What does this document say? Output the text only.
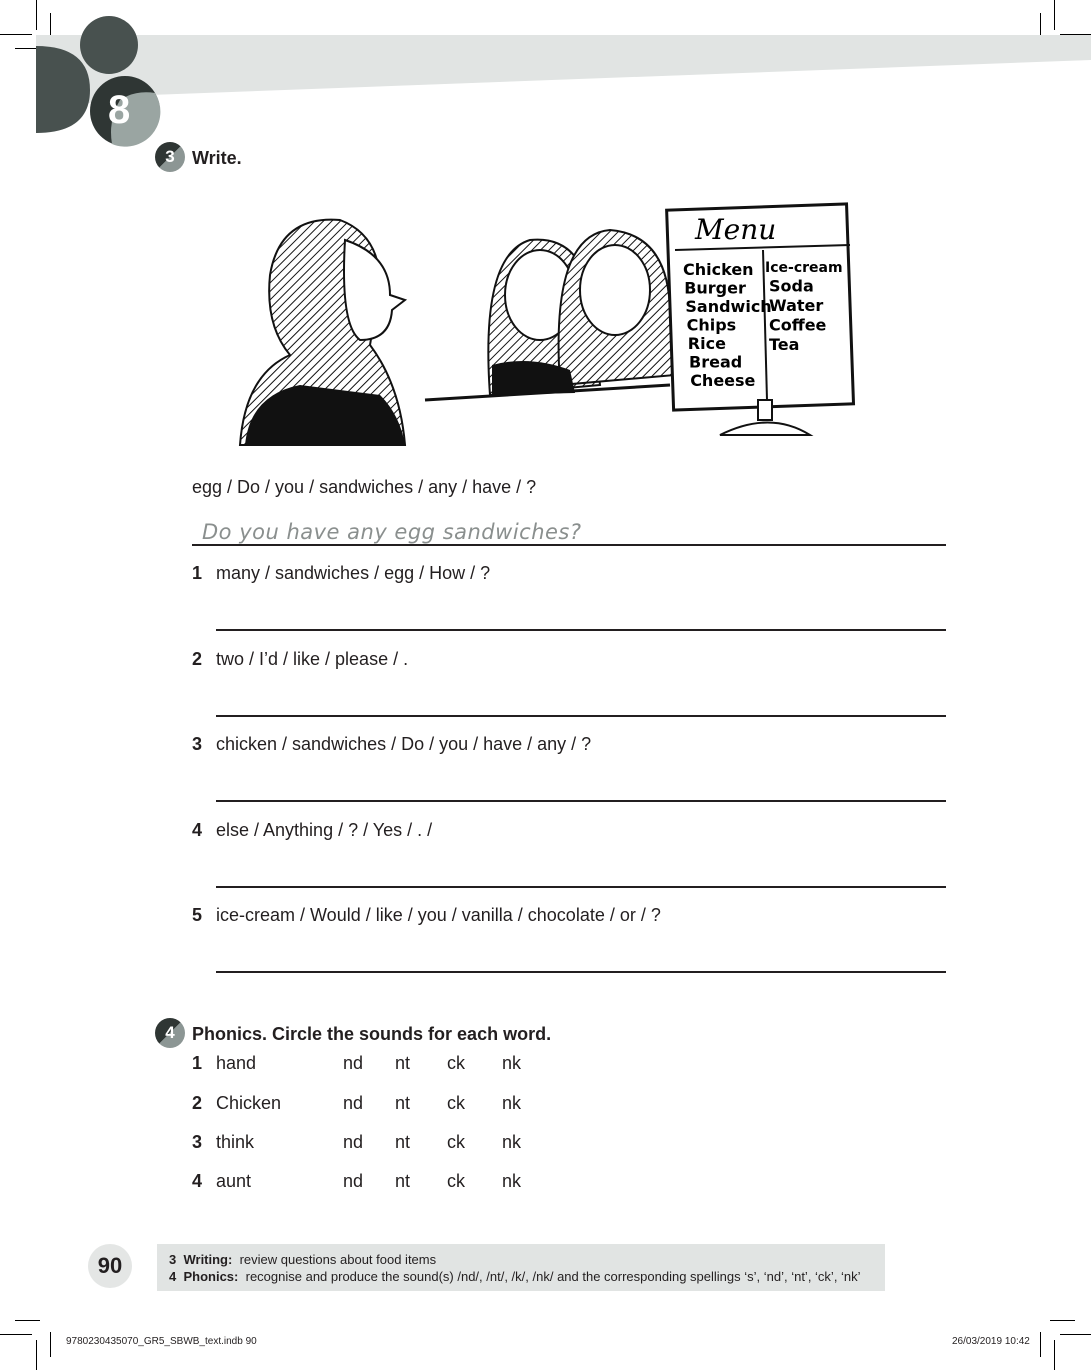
8
3 Write.
Menu
Chicken
Burger
Sandwich
Chips
Rice
Bread
Cheese
Ice-cream
Soda
Water
Coffee
Tea
egg / Do / you / sandwiches / any / have / ?
Do you have any egg sandwiches?
1 many / sandwiches / egg / How / ?
2 two / I’d / like / please / .
3 chicken / sandwiches / Do / you / have / any / ?
4 else / Anything / ? / Yes / . /
5 ice-cream / Would / like / you / vanilla / chocolate / or / ?
4 Phonics. Circle the sounds for each word.
1 hand	nd nt ck nk
2 Chicken	nd nt ck nk
3 think	nd nt ck nk
4 aunt	nd nt ck nk
90	3 Writing: review questions about food items
4 Phonics: recognise and produce the sound(s) /nd/, /nt/, /k/, /nk/ and the corresponding spellings ‘s’, ‘nd’, ‘nt’, ‘ck’, ‘nk’
9780230435070_GR5_SBWB_text.indb 90	26/03/2019 10:42
